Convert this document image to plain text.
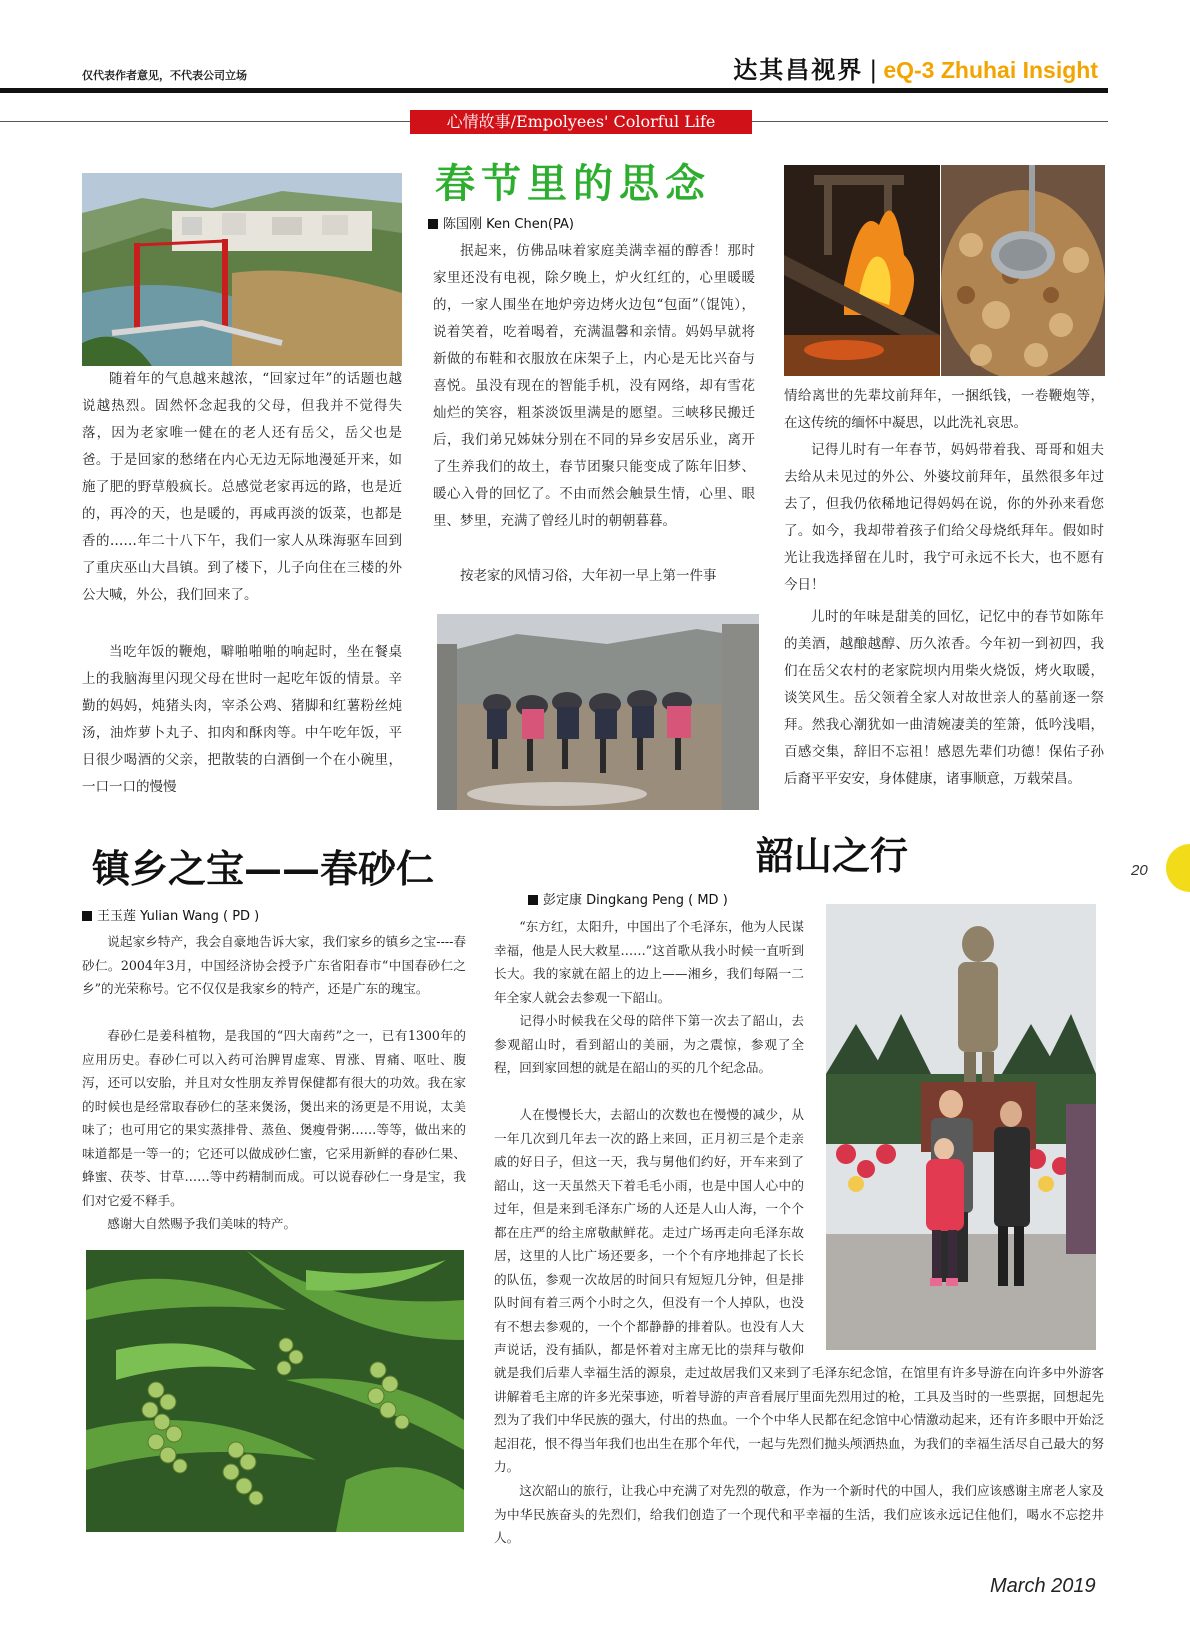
仅代表作者意见，不代表公司立场	达其昌视界 | eQ-3 Zhuhai Insight
心情故事/Empolyees' Colorful Life
春节里的思念
陈国刚 Ken Chen(PA)

随着年的气息越来越浓，“回家过年”的话题也越说越热烈。固然怀念起我的父母，但我并不觉得失落，因为老家唯一健在的老人还有岳父，岳父也是爸。于是回家的愁绪在内心无边无际地漫延开来，如施了肥的野草般疯长。总感觉老家再远的路，也是近的，再冷的天，也是暖的，再咸再淡的饭菜，也都是香的……年二十八下午，我们一家人从珠海驱车回到了重庆巫山大昌镇。到了楼下，儿子向住在三楼的外公大喊，外公，我们回来了。

当吃年饭的鞭炮，噼啪啪啪的响起时，坐在餐桌上的我脑海里闪现父母在世时一起吃年饭的情景。辛勤的妈妈，炖猪头肉，宰杀公鸡、猪脚和红薯粉丝炖汤，油炸萝卜丸子、扣肉和酥肉等。中午吃年饭，平日很少喝酒的父亲，把散装的白酒倒一个在小碗里，一口一口的慢慢

抿起来，仿佛品味着家庭美满幸福的醇香！那时家里还没有电视，除夕晚上，炉火红红的，心里暖暖的，一家人围坐在地炉旁边烤火边包“包面”（馄饨），说着笑着，吃着喝着，充满温馨和亲情。妈妈早就将新做的布鞋和衣服放在床架子上，内心是无比兴奋与喜悦。虽没有现在的智能手机，没有网络，却有雪花灿烂的笑容，粗茶淡饭里满是的愿望。三峡移民搬迁后，我们弟兄姊妹分别在不同的异乡安居乐业，离开了生养我们的故土，春节团聚只能变成了陈年旧梦、暖心入骨的回忆了。不由而然会触景生情，心里、眼里、梦里，充满了曾经儿时的朝朝暮暮。

按老家的风情习俗，大年初一早上第一件事

情给离世的先辈坟前拜年，一捆纸钱，一卷鞭炮等，在这传统的缅怀中凝思，以此洗礼哀思。

记得儿时有一年春节，妈妈带着我、哥哥和姐夫去给从未见过的外公、外婆坟前拜年，虽然很多年过去了，但我仍依稀地记得妈妈在说，你的外孙来看您了。如今，我却带着孩子们给父母烧纸拜年。假如时光让我选择留在儿时，我宁可永远不长大，也不愿有今日！

儿时的年味是甜美的回忆，记忆中的春节如陈年的美酒，越酿越醇、历久浓香。今年初一到初四，我们在岳父农村的老家院坝内用柴火烧饭，烤火取暖，谈笑风生。岳父领着全家人对故世亲人的墓前逐一祭拜。然我心潮犹如一曲清婉凄美的笙箫，低吟浅唱，百感交集，辞旧不忘祖！感恩先辈们功德！保佑子孙后裔平平安安，身体健康，诸事顺意，万载荣昌。

镇乡之宝——春砂仁
王玉莲 Yulian Wang ( PD )

说起家乡特产，我会自豪地告诉大家，我们家乡的镇乡之宝----春砂仁。2004年3月，中国经济协会授予广东省阳春市“中国春砂仁之乡”的光荣称号。它不仅仅是我家乡的特产，还是广东的瑰宝。

春砂仁是姜科植物，是我国的“四大南药”之一，已有1300年的应用历史。春砂仁可以入药可治脾胃虚寒、胃涨、胃痛、呕吐、腹泻，还可以安胎，并且对女性朋友养胃保健都有很大的功效。我在家的时候也是经常取春砂仁的茎来煲汤，煲出来的汤更是不用说，太美味了；也可用它的果实蒸排骨、蒸鱼、煲瘦骨粥……等等，做出来的味道都是一等一的；它还可以做成砂仁蜜，它采用新鲜的春砂仁果、蜂蜜、茯苓、甘草……等中药精制而成。可以说春砂仁一身是宝，我们对它爱不释手。

感谢大自然赐予我们美味的特产。

韶山之行
彭定康 Dingkang Peng ( MD )

“东方红，太阳升，中国出了个毛泽东，他为人民谋幸福，他是人民大救星……”这首歌从我小时候一直听到长大。我的家就在韶上的边上——湘乡，我们每隔一二年全家人就会去参观一下韶山。

记得小时候我在父母的陪伴下第一次去了韶山，去参观韶山时，看到韶山的美丽，为之震惊，参观了全程，回到家回想的就是在韶山的买的几个纪念品。

人在慢慢长大，去韶山的次数也在慢慢的减少，从一年几次到几年去一次的路上来回，正月初三是个走亲戚的好日子，但这一天，我与舅他们约好，开车来到了韶山，这一天虽然天下着毛毛小雨，也是中国人心中的过年，但是来到毛泽东广场的人还是人山人海，一个个都在庄严的给主席敬献鲜花。走过广场再走向毛泽东故居，这里的人比广场还要多，一个个有序地排起了长长的队伍，参观一次故居的时间只有短短几分钟，但是排队时间有着三两个小时之久，但没有一个人掉队，也没有不想去参观的，一个个都静静的排着队。也没有人大声说话，没有插队，都是怀着对主席无比的崇拜与敬仰

就是我们后辈人幸福生活的源泉，走过故居我们又来到了毛泽东纪念馆，在馆里有许多导游在向许多中外游客讲解着毛主席的许多光荣事迹，听着导游的声音看展厅里面先烈用过的枪，工具及当时的一些票据，回想起先烈为了我们中华民族的强大，付出的热血。一个个中华人民都在纪念馆中心情激动起来，还有许多眼中开始泛起泪花，恨不得当年我们也出生在那个年代，一起与先烈们抛头颅洒热血，为我们的幸福生活尽自己最大的努力。

这次韶山的旅行，让我心中充满了对先烈的敬意，作为一个新时代的中国人，我们应该感谢主席老人家及为中华民族奋头的先烈们，给我们创造了一个现代和平幸福的生活，我们应该永远记住他们，喝水不忘挖井人。

20
March 2019
